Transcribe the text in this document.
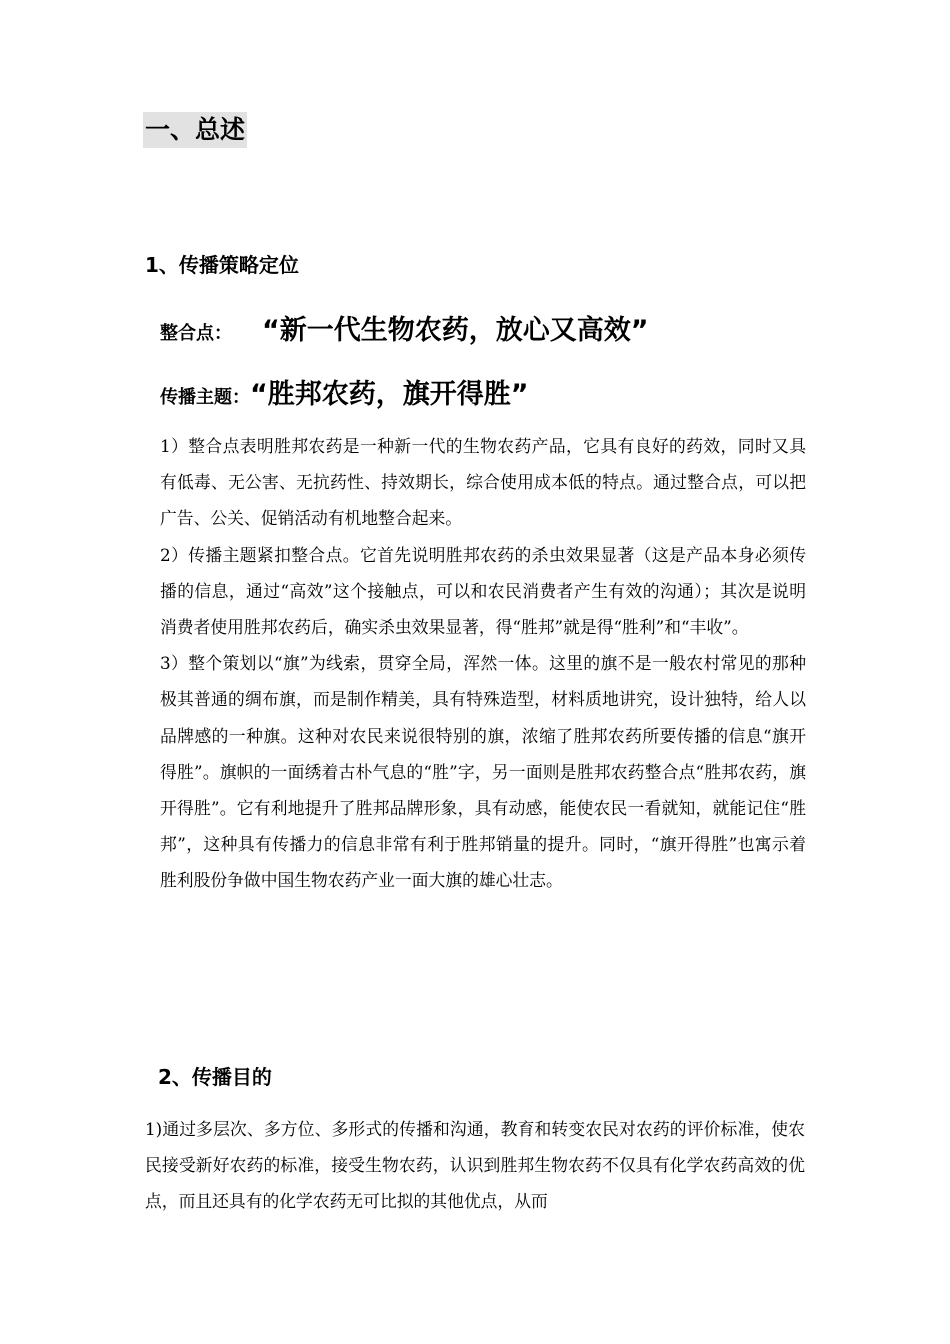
一、总述
1、传播策略定位
整合点： “新一代生物农药，放心又高效”
传播主题：“胜邦农药，旗开得胜”
1）整合点表明胜邦农药是一种新一代的生物农药产品，它具有良好的药效，同时又具有低毒、无公害、无抗药性、持效期长，综合使用成本低的特点。通过整合点，可以把广告、公关、促销活动有机地整合起来。
2）传播主题紧扣整合点。它首先说明胜邦农药的杀虫效果显著（这是产品本身必须传播的信息，通过“高效”这个接触点，可以和农民消费者产生有效的沟通）；其次是说明消费者使用胜邦农药后，确实杀虫效果显著，得“胜邦”就是得“胜利”和“丰收”。
3）整个策划以“旗”为线索，贯穿全局，浑然一体。这里的旗不是一般农村常见的那种极其普通的绸布旗，而是制作精美，具有特殊造型，材料质地讲究，设计独特，给人以品牌感的一种旗。这种对农民来说很特别的旗，浓缩了胜邦农药所要传播的信息“旗开得胜”。旗帜的一面绣着古朴气息的“胜”字，另一面则是胜邦农药整合点“胜邦农药，旗开得胜”。它有利地提升了胜邦品牌形象，具有动感，能使农民一看就知，就能记住“胜邦”，这种具有传播力的信息非常有利于胜邦销量的提升。同时，“旗开得胜”也寓示着胜利股份争做中国生物农药产业一面大旗的雄心壮志。
2、传播目的
1)通过多层次、多方位、多形式的传播和沟通，教育和转变农民对农药的评价标准，使农民接受新好农药的标准，接受生物农药，认识到胜邦生物农药不仅具有化学农药高效的优点，而且还具有的化学农药无可比拟的其他优点，从而
